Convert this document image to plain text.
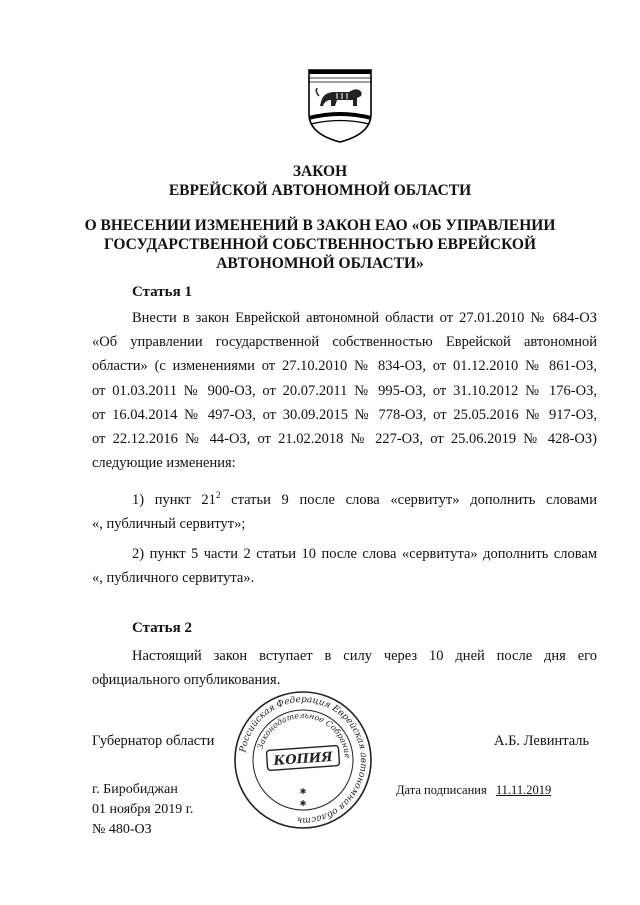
ЗАКОН
ЕВРЕЙСКОЙ АВТОНОМНОЙ ОБЛАСТИ
О ВНЕСЕНИИ ИЗМЕНЕНИЙ В ЗАКОН ЕАО «ОБ УПРАВЛЕНИИ
ГОСУДАРСТВЕННОЙ СОБСТВЕННОСТЬЮ ЕВРЕЙСКОЙ
АВТОНОМНОЙ ОБЛАСТИ»
Статья 1
Внести в закон Еврейской автономной области от 27.01.2010 № 684-ОЗ
«Об управлении государственной собственностью Еврейской автономной
области» (с изменениями от 27.10.2010 № 834-ОЗ, от 01.12.2010 № 861-ОЗ,
от 01.03.2011 № 900-ОЗ, от 20.07.2011 № 995-ОЗ, от 31.10.2012 № 176-ОЗ,
от 16.04.2014 № 497-ОЗ, от 30.09.2015 № 778-ОЗ, от 25.05.2016 № 917-ОЗ,
от 22.12.2016 № 44-ОЗ, от 21.02.2018 № 227-ОЗ, от 25.06.2019 № 428-ОЗ)
следующие изменения:
1) пункт $21^2$ статьи 9 после слова «сервитут» дополнить словами
«, публичный сервитут»;
2) пункт 5 части 2 статьи 10 после слова «сервитута» дополнить словам
«, публичного сервитута».
Статья 2
Настоящий закон вступает в силу через 10 дней после дня его
официального опубликования.
Губернатор области	А.Б. Левинталь
г. Биробиджан
01 ноября 2019 г.
№ 480-ОЗ
Дата подписания 11.11.2019
Российская Федерация Еврейская автономная область
Законодательное Собрание
КОПИЯ
✱
✱
